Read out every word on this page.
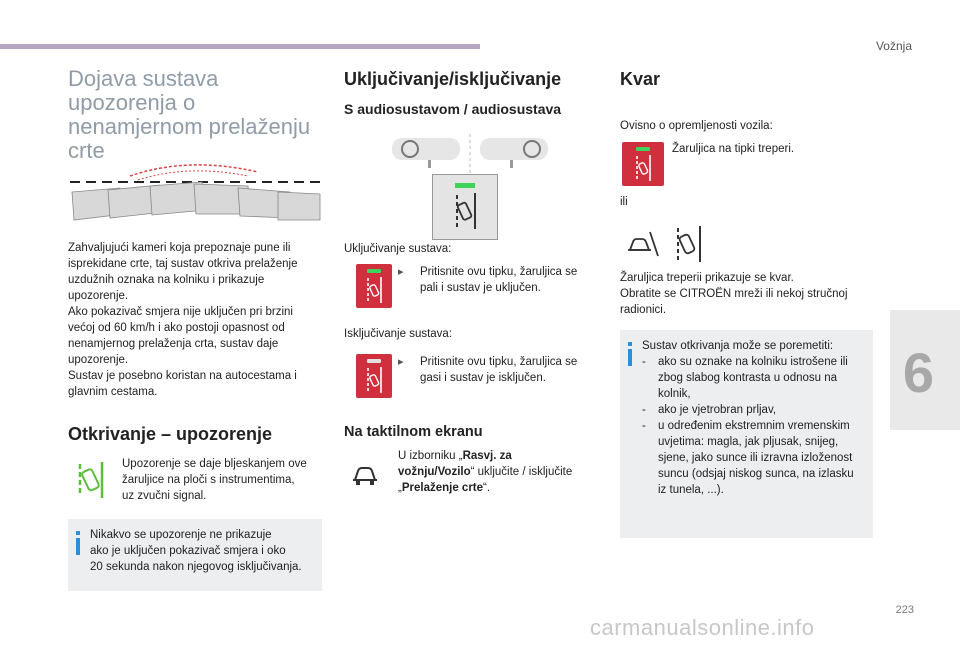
Vožnja
6
223
carmanualsonline.info
Dojava sustava upozorenja o nenamjernom prelaženju crte
Zahvaljujući kameri koja prepoznaje pune ili
isprekidane crte, taj sustav otkriva prelaženje
uzdužnih oznaka na kolniku i prikazuje
upozorenje.
Ako pokazivač smjera nije uključen pri brzini
većoj od 60 km/h i ako postoji opasnost od
nenamjernog prelaženja crta, sustav daje
upozorenje.
Sustav je posebno koristan na autocestama i
glavnim cestama.
Otkrivanje – upozorenje
Upozorenje se daje bljeskanjem ove
žaruljice na ploči s instrumentima,
uz zvučni signal.
Nikakvo se upozorenje ne prikazuje
ako je uključen pokazivač smjera i oko
20 sekunda nakon njegovog isključivanja.
Uključivanje/isključivanje
S audiosustavom / audiosustava
Uključivanje sustava:
▸ Pritisnite ovu tipku, žaruljica se
pali i sustav je uključen.
Isključivanje sustava:
▸ Pritisnite ovu tipku, žaruljica se
gasi i sustav je isključen.
Na taktilnom ekranu
U izborniku „Rasvj. za
vožnju/Vozilo“ uključite / isključite
„Prelaženje crte“.
Kvar
Ovisno o opremljenosti vozila:
Žaruljica na tipki treperi.
ili
Žaruljica treperii prikazuje se kvar.
Obratite se CITROËN mreži ili nekoj stručnoj
radionici.
Sustav otkrivanja može se poremetiti:
-	ako su oznake na kolniku istrošene ili
zbog slabog kontrasta u odnosu na
kolnik,
-	ako je vjetrobran prljav,
-	u određenim ekstremnim vremenskim
uvjetima: magla, jak pljusak, snijeg,
sjene, jako sunce ili izravna izloženost
suncu (odsjaj niskog sunca, na izlasku
iz tunela, ...).
